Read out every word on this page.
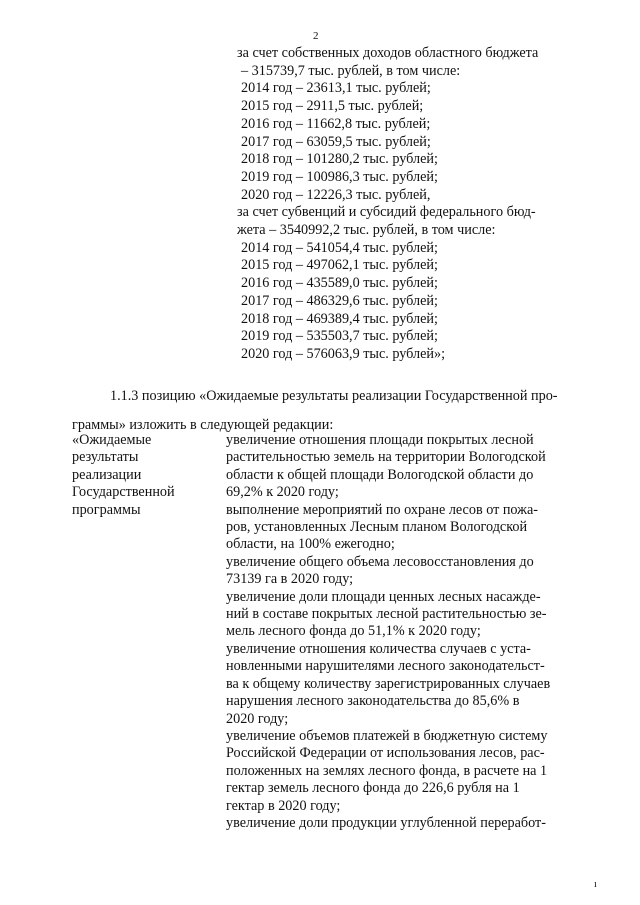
2
за счет собственных доходов областного бюджета
– 315739,7 тыс. рублей, в том числе:
2014 год – 23613,1 тыс. рублей;
2015 год – 2911,5 тыс. рублей;
2016 год – 11662,8 тыс. рублей;
2017 год – 63059,5 тыс. рублей;
2018 год – 101280,2 тыс. рублей;
2019 год – 100986,3 тыс. рублей;
2020 год – 12226,3 тыс. рублей,
за счет субвенций и субсидий федерального бюд-
жета – 3540992,2 тыс. рублей, в том числе:
2014 год – 541054,4 тыс. рублей;
2015 год – 497062,1 тыс. рублей;
2016 год – 435589,0 тыс. рублей;
2017 год – 486329,6 тыс. рублей;
2018 год – 469389,4 тыс. рублей;
2019 год – 535503,7 тыс. рублей;
2020 год – 576063,9 тыс. рублей»;
1.1.3 позицию «Ожидаемые результаты реализации Государственной про-
граммы» изложить в следующей редакции:
«Ожидаемые
результаты
реализации
Государственной
программы
увеличение отношения площади покрытых лесной
растительностью земель на территории Вологодской
области к общей площади Вологодской области до
69,2% к 2020 году;
выполнение мероприятий по охране лесов от пожа-
ров, установленных Лесным планом Вологодской
области, на 100% ежегодно;
увеличение общего объема лесовосстановления до
73139 га в 2020 году;
увеличение доли площади ценных лесных насажде-
ний в составе покрытых лесной растительностью зе-
мель лесного фонда до 51,1% к 2020 году;
увеличение отношения количества случаев с уста-
новленными нарушителями лесного законодательст-
ва к общему количеству зарегистрированных случаев
нарушения лесного законодательства до 85,6% в
2020 году;
увеличение объемов платежей в бюджетную систему
Российской Федерации от использования лесов, рас-
положенных на землях лесного фонда, в расчете на 1
гектар земель лесного фонда до 226,6 рубля на 1
гектар в 2020 году;
увеличение доли продукции углубленной переработ-
ı
